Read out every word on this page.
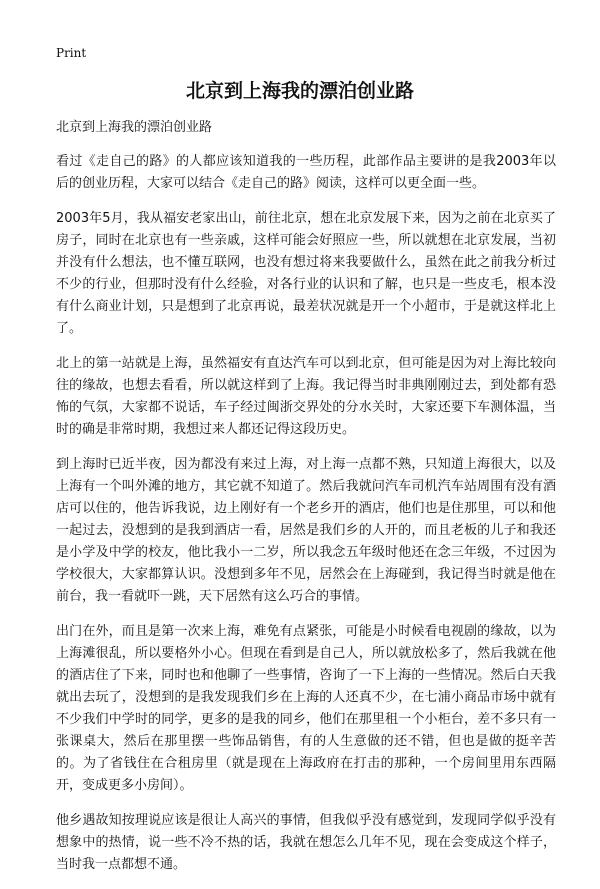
Print
北京到上海我的漂泊创业路

北京到上海我的漂泊创业路

看过《走自己的路》的人都应该知道我的一些历程，此部作品主要讲的是我2003年以后的创业历程，大家可以结合《走自己的路》阅读，这样可以更全面一些。

2003年5月，我从福安老家出山，前往北京，想在北京发展下来，因为之前在北京买了房子，同时在北京也有一些亲戚，这样可能会好照应一些，所以就想在北京发展，当初并没有什么想法，也不懂互联网，也没有想过将来我要做什么，虽然在此之前我分析过不少的行业，但那时没有什么经验，对各行业的认识和了解，也只是一些皮毛，根本没有什么商业计划，只是想到了北京再说，最差状况就是开一个小超市，于是就这样北上了。

北上的第一站就是上海，虽然福安有直达汽车可以到北京，但可能是因为对上海比较向往的缘故，也想去看看，所以就这样到了上海。我记得当时非典刚刚过去，到处都有恐怖的气氛，大家都不说话，车子经过闽浙交界处的分水关时，大家还要下车测体温，当时的确是非常时期，我想过来人都还记得这段历史。

到上海时已近半夜，因为都没有来过上海，对上海一点都不熟，只知道上海很大，以及上海有一个叫外滩的地方，其它就不知道了。然后我就问汽车司机汽车站周围有没有酒店可以住的，他告诉我说，边上刚好有一个老乡开的酒店，他们也是住那里，可以和他一起过去，没想到的是我到酒店一看，居然是我们乡的人开的，而且老板的儿子和我还是小学及中学的校友，他比我小一二岁，所以我念五年级时他还在念三年级，不过因为学校很大，大家都算认识。没想到多年不见，居然会在上海碰到，我记得当时就是他在前台，我一看就吓一跳，天下居然有这么巧合的事情。

出门在外，而且是第一次来上海，难免有点紧张，可能是小时候看电视剧的缘故，以为上海滩很乱，所以要格外小心。但现在看到是自己人，所以就放松多了，然后我就在他的酒店住了下来，同时也和他聊了一些事情，咨询了一下上海的一些情况。然后白天我就出去玩了，没想到的是我发现我们乡在上海的人还真不少，在七浦小商品市场中就有不少我们中学时的同学，更多的是我的同乡，他们在那里租一个小柜台，差不多只有一张课桌大，然后在那里摆一些饰品销售，有的人生意做的还不错，但也是做的挺辛苦的。为了省钱住在合租房里（就是现在上海政府在打击的那种，一个房间里用东西隔开，变成更多小房间）。

他乡遇故知按理说应该是很让人高兴的事情，但我似乎没有感觉到，发现同学似乎没有想象中的热情，说一些不冷不热的话，我就在想怎么几年不见，现在会变成这个样子，当时我一点都想不通。
